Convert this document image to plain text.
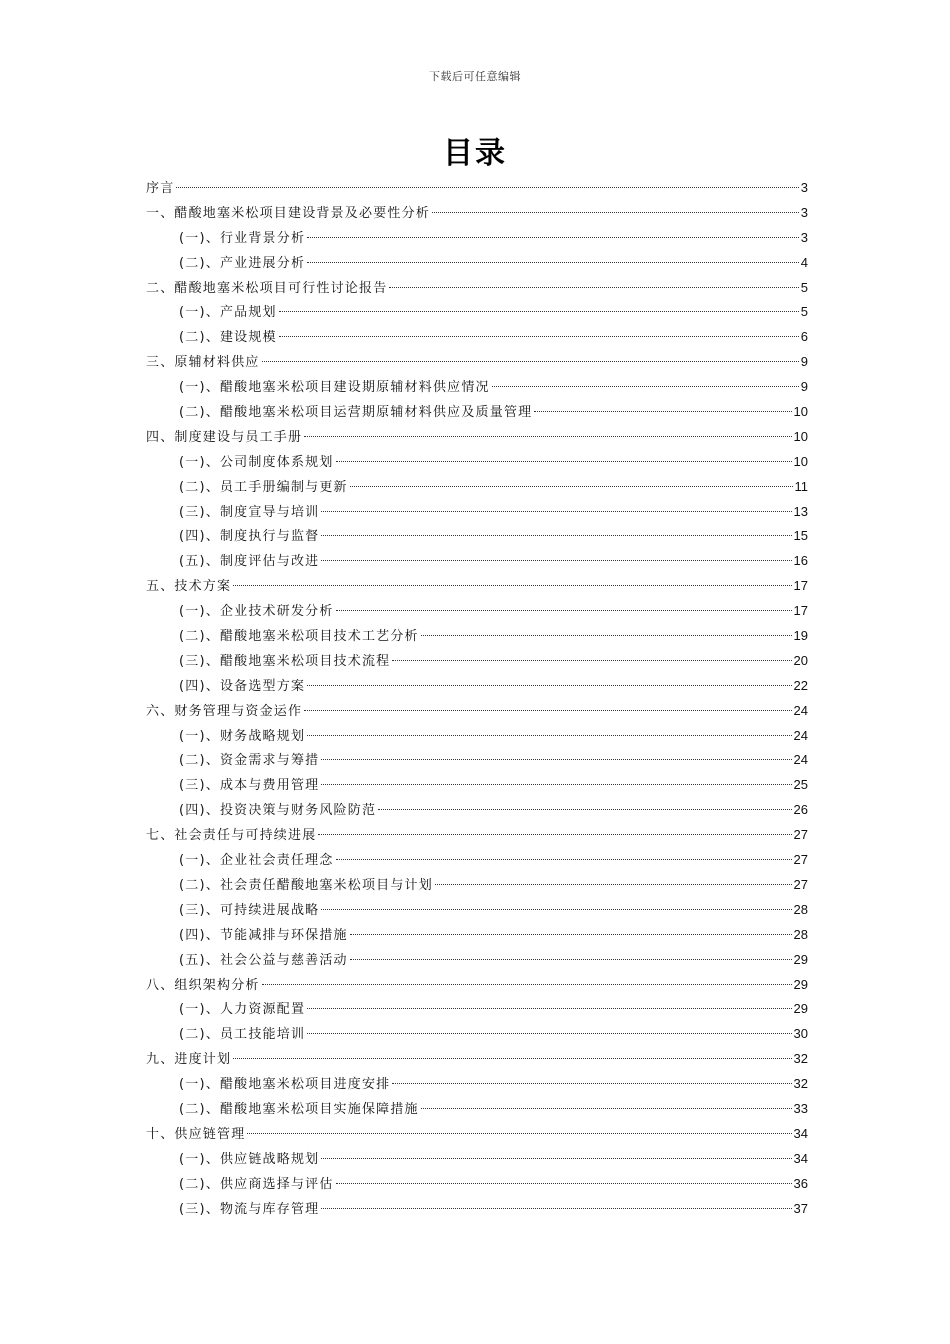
下载后可任意编辑
目录
序言	3
一、醋酸地塞米松项目建设背景及必要性分析	3
(一)、行业背景分析	3
(二)、产业进展分析	4
二、醋酸地塞米松项目可行性讨论报告	5
(一)、产品规划	5
(二)、建设规模	6
三、原辅材料供应	9
(一)、醋酸地塞米松项目建设期原辅材料供应情况	9
(二)、醋酸地塞米松项目运营期原辅材料供应及质量管理	10
四、制度建设与员工手册	10
(一)、公司制度体系规划	10
(二)、员工手册编制与更新	11
(三)、制度宣导与培训	13
(四)、制度执行与监督	15
(五)、制度评估与改进	16
五、技术方案	17
(一)、企业技术研发分析	17
(二)、醋酸地塞米松项目技术工艺分析	19
(三)、醋酸地塞米松项目技术流程	20
(四)、设备选型方案	22
六、财务管理与资金运作	24
(一)、财务战略规划	24
(二)、资金需求与筹措	24
(三)、成本与费用管理	25
(四)、投资决策与财务风险防范	26
七、社会责任与可持续进展	27
(一)、企业社会责任理念	27
(二)、社会责任醋酸地塞米松项目与计划	27
(三)、可持续进展战略	28
(四)、节能减排与环保措施	28
(五)、社会公益与慈善活动	29
八、组织架构分析	29
(一)、人力资源配置	29
(二)、员工技能培训	30
九、进度计划	32
(一)、醋酸地塞米松项目进度安排	32
(二)、醋酸地塞米松项目实施保障措施	33
十、供应链管理	34
(一)、供应链战略规划	34
(二)、供应商选择与评估	36
(三)、物流与库存管理	37
